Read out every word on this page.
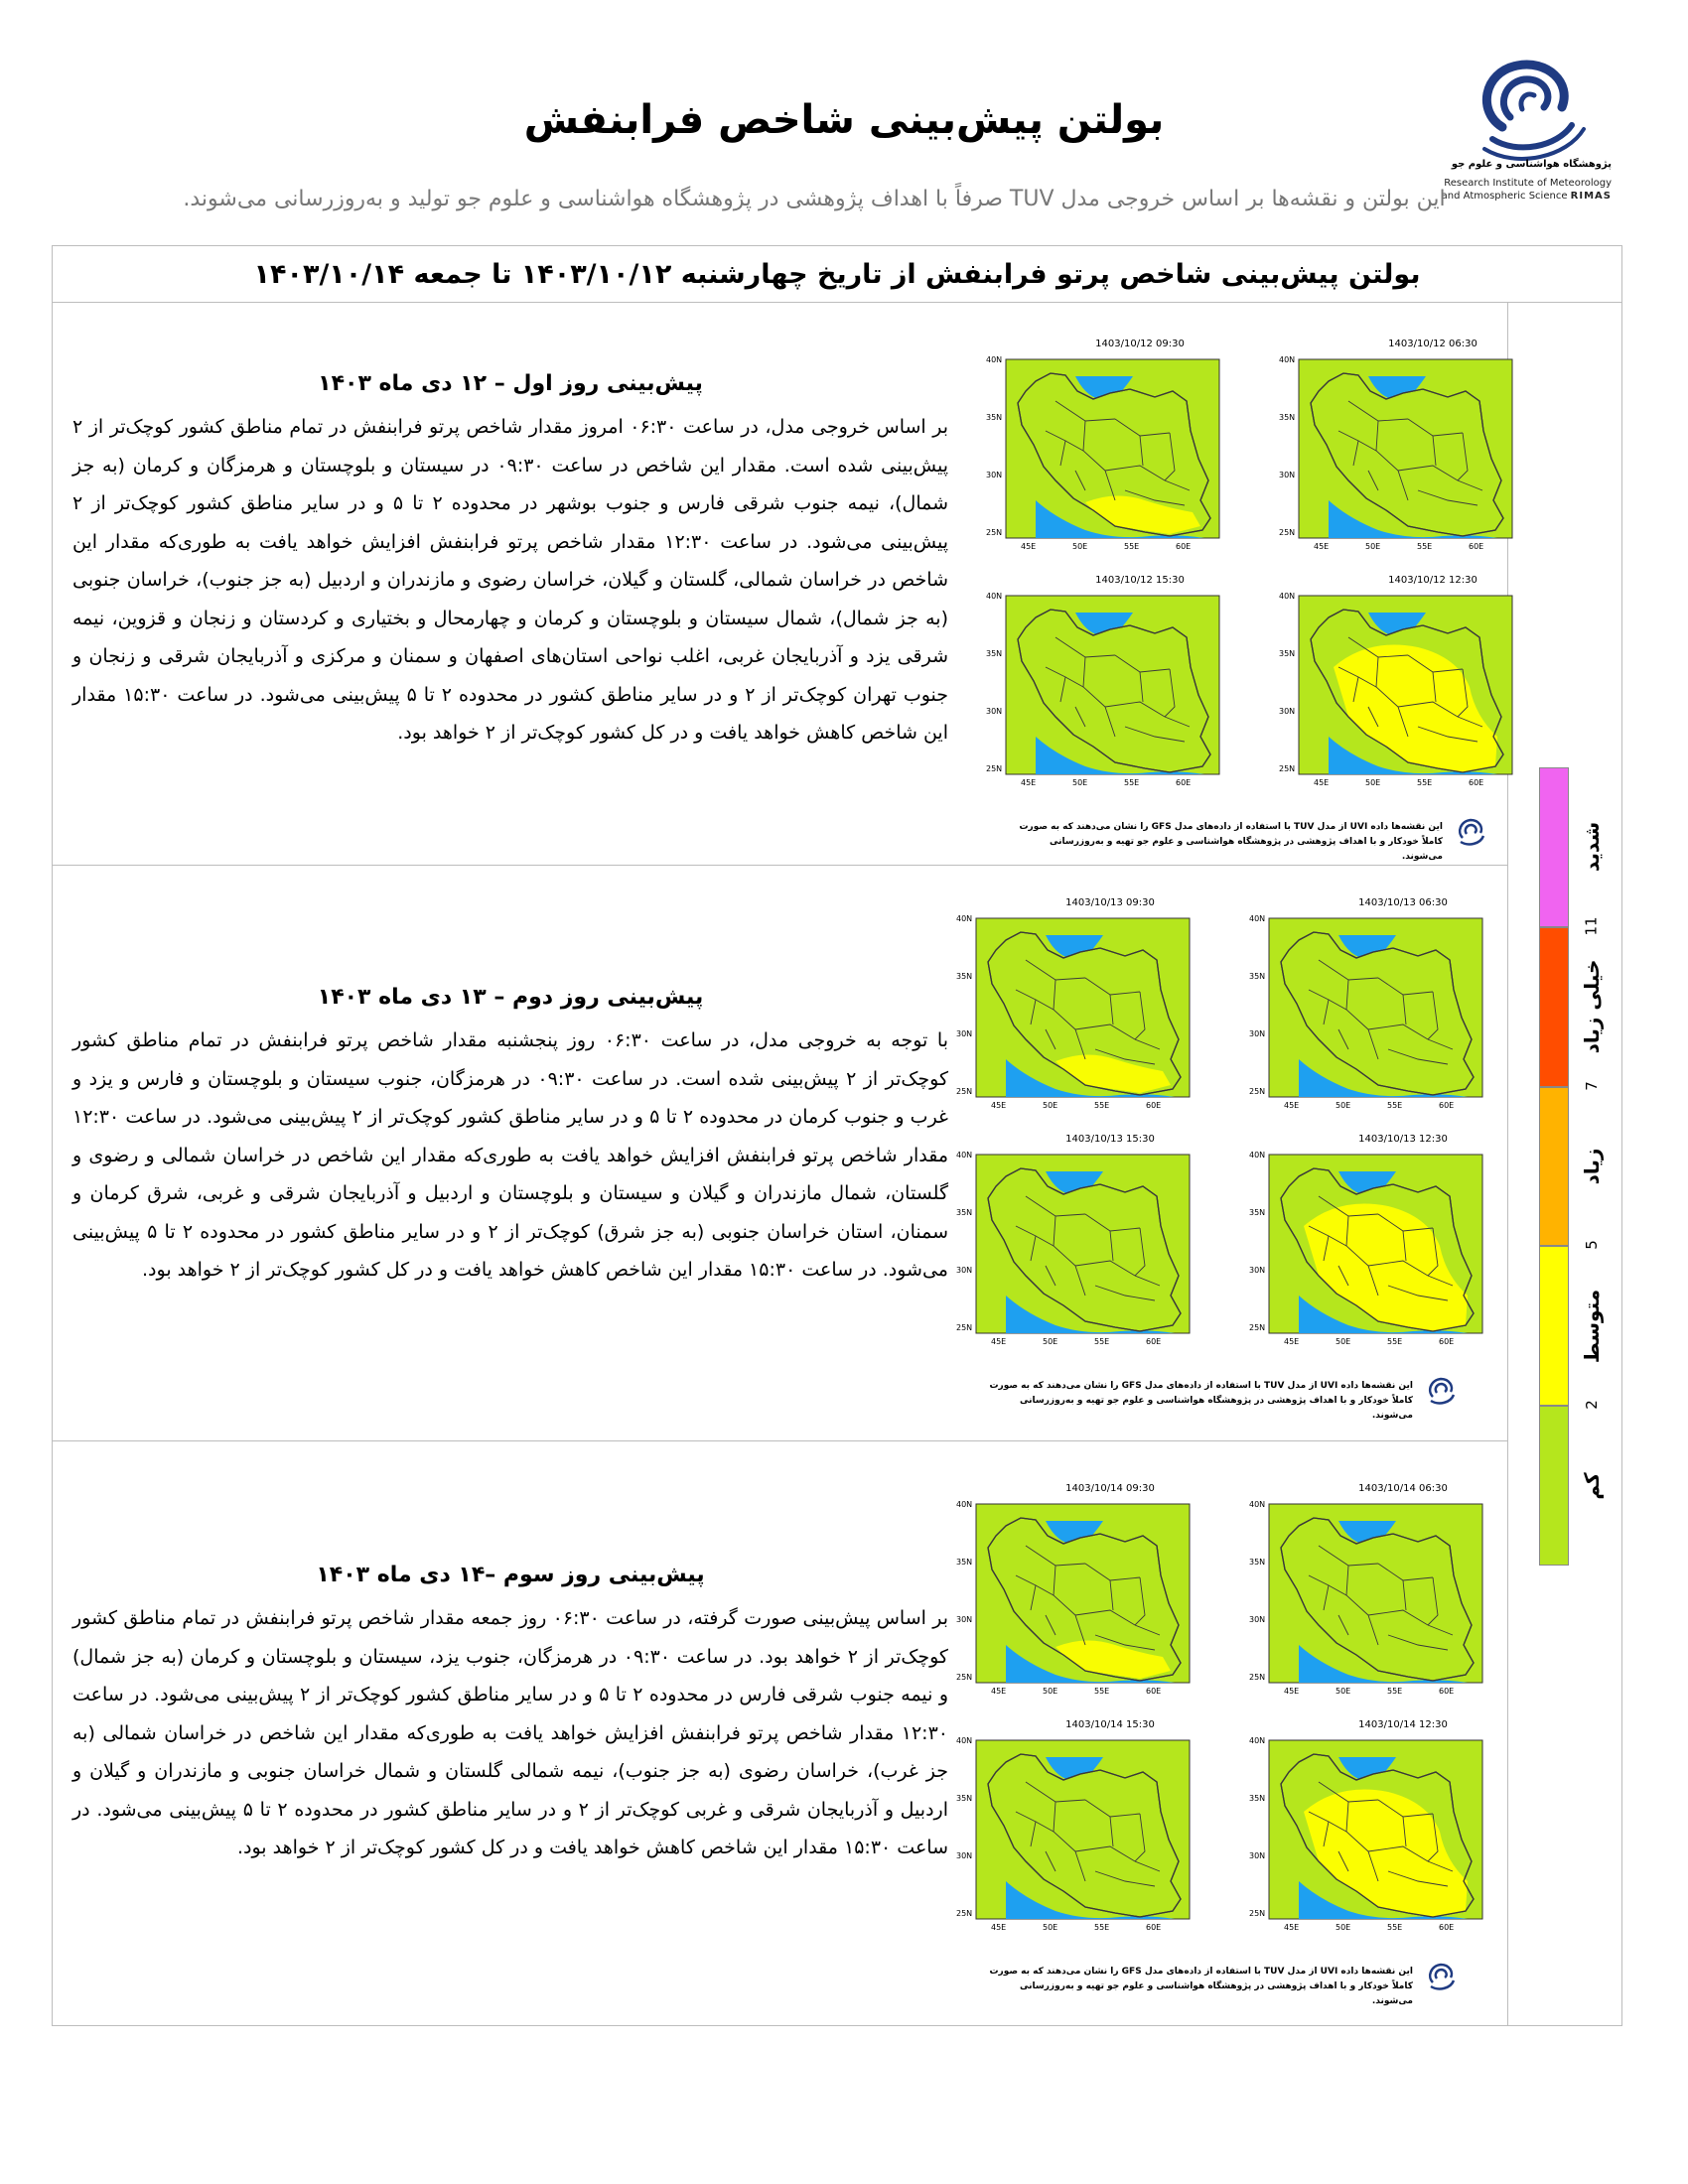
پژوهشگاه هواشناسی و علوم جو
Research Institute of Meteorology
and Atmospheric Science RIMAS
بولتن پیش‌بینی شاخص فرابنفش
این بولتن و نقشه‌ها بر اساس خروجی مدل TUV صرفاً با اهداف پژوهشی در پژوهشگاه هواشناسی و علوم جو تولید و به‌روزرسانی می‌شوند.
بولتن پیش‌بینی شاخص پرتو فرابنفش از تاریخ چهارشنبه ۱۴۰۳/۱۰/۱۲ تا جمعه ۱۴۰۳/۱۰/۱۴

پیش‌بینی روز اول – ۱۲ دی ماه ۱۴۰۳

بر اساس خروجی مدل، در ساعت ۰۶:۳۰ امروز مقدار شاخص پرتو فرابنفش در تمام مناطق کشور کوچک‌تر از ۲ پیش‌بینی شده است. مقدار این شاخص در ساعت ۰۹:۳۰ در سیستان و بلوچستان و هرمزگان و کرمان (به جز شمال)، نیمه جنوب شرقی فارس و جنوب بوشهر در محدوده ۲ تا ۵ و در سایر مناطق کشور کوچک‌تر از ۲ پیش‌بینی می‌شود. در ساعت ۱۲:۳۰ مقدار شاخص پرتو فرابنفش افزایش خواهد یافت به طوری‌که مقدار این شاخص در خراسان شمالی، گلستان و گیلان، خراسان رضوی و مازندران و اردبیل (به جز جنوب)، خراسان جنوبی (به جز شمال)، شمال سیستان و بلوچستان و کرمان و چهارمحال و بختیاری و کردستان و زنجان و قزوین، نیمه شرقی یزد و آذربایجان غربی، اغلب نواحی استان‌های اصفهان و سمنان و مرکزی و آذربایجان شرقی و زنجان و جنوب تهران کوچک‌تر از ۲ و در سایر مناطق کشور در محدوده ۲ تا ۵ پیش‌بینی می‌شود. در ساعت ۱۵:۳۰ مقدار این شاخص کاهش خواهد یافت و در کل کشور کوچک‌تر از ۲ خواهد بود.

1403/10/12 06:30
40N
35N
30N
25N
45E	50E	55E	60E
1403/10/12 09:30
40N
35N
30N
25N
45E	50E	55E	60E
1403/10/12 12:30
40N
35N
30N
25N
45E	50E	55E	60E
1403/10/12 15:30
40N
35N
30N
25N
45E	50E	55E	60E
این نقشه‌ها داده UVI از مدل TUV با استفاده از داده‌های مدل GFS را نشان می‌دهند که به صورت
کاملاً خودکار و با اهداف پژوهشی در پژوهشگاه هواشناسی و علوم جو تهیه و به‌روزرسانی می‌شوند.

پیش‌بینی روز دوم – ۱۳ دی ماه ۱۴۰۳

با توجه به خروجی مدل، در ساعت ۰۶:۳۰ روز پنجشنبه مقدار شاخص پرتو فرابنفش در تمام مناطق کشور کوچک‌تر از ۲ پیش‌بینی شده است. در ساعت ۰۹:۳۰ در هرمزگان، جنوب سیستان و بلوچستان و فارس و یزد و غرب و جنوب کرمان در محدوده ۲ تا ۵ و در سایر مناطق کشور کوچک‌تر از ۲ پیش‌بینی می‌شود. در ساعت ۱۲:۳۰ مقدار شاخص پرتو فرابنفش افزایش خواهد یافت به طوری‌که مقدار این شاخص در خراسان شمالی و رضوی و گلستان، شمال مازندران و گیلان و سیستان و بلوچستان و اردبیل و آذربایجان شرقی و غربی، شرق کرمان و سمنان، استان خراسان جنوبی (به جز شرق) کوچک‌تر از ۲ و در سایر مناطق کشور در محدوده ۲ تا ۵ پیش‌بینی می‌شود. در ساعت ۱۵:۳۰ مقدار این شاخص کاهش خواهد یافت و در کل کشور کوچک‌تر از ۲ خواهد بود.

1403/10/13 06:30
40N
35N
30N
25N
45E	50E	55E	60E
1403/10/13 09:30
40N
35N
30N
25N
45E	50E	55E	60E
1403/10/13 12:30
40N
35N
30N
25N
45E	50E	55E	60E
1403/10/13 15:30
40N
35N
30N
25N
45E	50E	55E	60E
این نقشه‌ها داده UVI از مدل TUV با استفاده از داده‌های مدل GFS را نشان می‌دهند که به صورت
کاملاً خودکار و با اهداف پژوهشی در پژوهشگاه هواشناسی و علوم جو تهیه و به‌روزرسانی می‌شوند.

پیش‌بینی روز سوم –۱۴ دی ماه ۱۴۰۳

بر اساس پیش‌بینی صورت گرفته، در ساعت ۰۶:۳۰ روز جمعه مقدار شاخص پرتو فرابنفش در تمام مناطق کشور کوچک‌تر از ۲ خواهد بود. در ساعت ۰۹:۳۰ در هرمزگان، جنوب یزد، سیستان و بلوچستان و کرمان (به جز شمال) و نیمه جنوب شرقی فارس در محدوده ۲ تا ۵ و در سایر مناطق کشور کوچک‌تر از ۲ پیش‌بینی می‌شود. در ساعت ۱۲:۳۰ مقدار شاخص پرتو فرابنفش افزایش خواهد یافت به طوری‌که مقدار این شاخص در خراسان شمالی (به جز غرب)، خراسان رضوی (به جز جنوب)، نیمه شمالی گلستان و شمال خراسان جنوبی و مازندران و گیلان و اردبیل و آذربایجان شرقی و غربی کوچک‌تر از ۲ و در سایر مناطق کشور در محدوده ۲ تا ۵ پیش‌بینی می‌شود. در ساعت ۱۵:۳۰ مقدار این شاخص کاهش خواهد یافت و در کل کشور کوچک‌تر از ۲ خواهد بود.

1403/10/14 06:30
40N
35N
30N
25N
45E	50E	55E	60E
1403/10/14 09:30
40N
35N
30N
25N
45E	50E	55E	60E
1403/10/14 12:30
40N
35N
30N
25N
45E	50E	55E	60E
1403/10/14 15:30
40N
35N
30N
25N
45E	50E	55E	60E
این نقشه‌ها داده UVI از مدل TUV با استفاده از داده‌های مدل GFS را نشان می‌دهند که به صورت
کاملاً خودکار و با اهداف پژوهشی در پژوهشگاه هواشناسی و علوم جو تهیه و به‌روزرسانی می‌شوند.
کم
متوسط
زیاد
خیلی زیاد
شدید
2
5
7
11
